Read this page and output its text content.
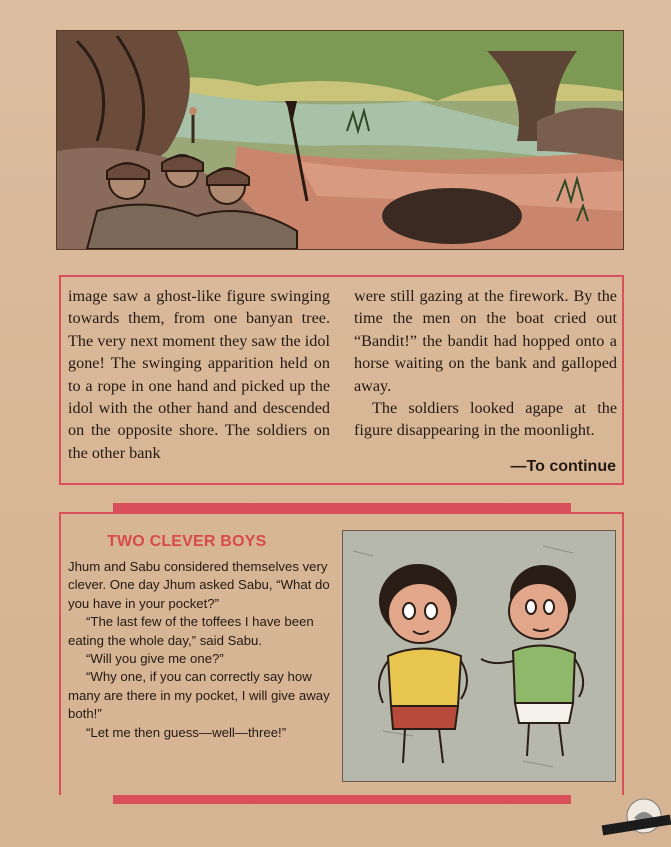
image saw a ghost-like figure swinging towards them, from one banyan tree. The very next moment they saw the idol gone! The swinging apparition held on to a rope in one hand and picked up the idol with the other hand and descended on the opposite shore. The soldiers on the other bank

were still gazing at the firework. By the time the men on the boat cried out “Bandit!” the bandit had hopped onto a horse waiting on the bank and galloped away.

The soldiers looked agape at the figure disappearing in the moonlight.

—To continue
TWO CLEVER BOYS

Jhum and Sabu considered themselves very clever. One day Jhum asked Sabu, “What do you have in your pocket?”

“The last few of the toffees I have been eating the whole day,” said Sabu.

“Will you give me one?”

“Why one, if you can correctly say how many are there in my pocket, I will give away both!”

“Let me then guess—well—three!”
